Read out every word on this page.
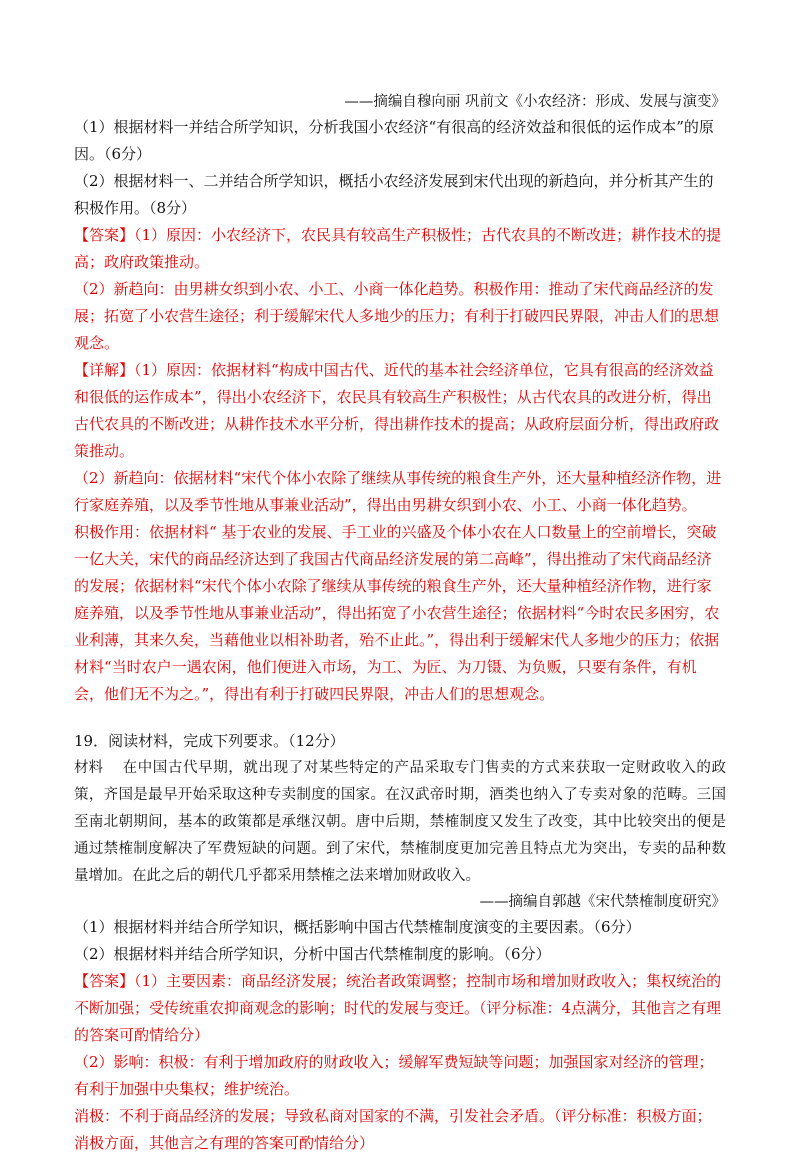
——摘编自穆向丽 巩前文《小农经济：形成、发展与演变》

（1）根据材料一并结合所学知识，分析我国小农经济“有很高的经济效益和很低的运作成本”的原因。（6分）

（2）根据材料一、二并结合所学知识，概括小农经济发展到宋代出现的新趋向，并分析其产生的积极作用。（8分）

【答案】（1）原因：小农经济下，农民具有较高生产积极性；古代农具的不断改进；耕作技术的提高；政府政策推动。

（2）新趋向：由男耕女织到小农、小工、小商一体化趋势。积极作用：推动了宋代商品经济的发展；拓宽了小农营生途径；利于缓解宋代人多地少的压力；有利于打破四民界限，冲击人们的思想观念。

【详解】（1）原因：依据材料“构成中国古代、近代的基本社会经济单位，它具有很高的经济效益和很低的运作成本”，得出小农经济下，农民具有较高生产积极性；从古代农具的改进分析，得出古代农具的不断改进；从耕作技术水平分析，得出耕作技术的提高；从政府层面分析，得出政府政策推动。

（2）新趋向：依据材料“宋代个体小农除了继续从事传统的粮食生产外，还大量种植经济作物，进行家庭养殖，以及季节性地从事兼业活动”，得出由男耕女织到小农、小工、小商一体化趋势。

积极作用：依据材料“ 基于农业的发展、手工业的兴盛及个体小农在人口数量上的空前增长，突破一亿大关，宋代的商品经济达到了我国古代商品经济发展的第二高峰”，得出推动了宋代商品经济的发展；依据材料“宋代个体小农除了继续从事传统的粮食生产外，还大量种植经济作物，进行家庭养殖，以及季节性地从事兼业活动”，得出拓宽了小农营生途径；依据材料“今时农民多困穷，农业利薄，其来久矣，当藉他业以相补助者，殆不止此。”，得出利于缓解宋代人多地少的压力；依据材料“当时农户一遇农闲，他们便进入市场，为工、为匠、为刀镊、为负贩，只要有条件，有机会，他们无不为之。”，得出有利于打破四民界限，冲击人们的思想观念。

19．阅读材料，完成下列要求。（12分）

材料 在中国古代早期，就出现了对某些特定的产品采取专门售卖的方式来获取一定财政收入的政策，齐国是最早开始采取这种专卖制度的国家。在汉武帝时期，酒类也纳入了专卖对象的范畴。三国至南北朝期间，基本的政策都是承继汉朝。唐中后期，禁榷制度又发生了改变，其中比较突出的便是通过禁榷制度解决了军费短缺的问题。到了宋代，禁榷制度更加完善且特点尤为突出，专卖的品种数量增加。在此之后的朝代几乎都采用禁榷之法来增加财政收入。

——摘编自郭越《宋代禁榷制度研究》

（1）根据材料并结合所学知识，概括影响中国古代禁榷制度演变的主要因素。（6分）

（2）根据材料并结合所学知识，分析中国古代禁榷制度的影响。（6分）

【答案】（1）主要因素：商品经济发展；统治者政策调整；控制市场和增加财政收入；集权统治的不断加强；受传统重农抑商观念的影响；时代的发展与变迁。（评分标准：4点满分，其他言之有理的答案可酌情给分）

（2）影响：积极：有利于增加政府的财政收入；缓解军费短缺等问题；加强国家对经济的管理；有利于加强中央集权；维护统治。

消极：不利于商品经济的发展；导致私商对国家的不满，引发社会矛盾。（评分标准：积极方面；消极方面，其他言之有理的答案可酌情给分）
